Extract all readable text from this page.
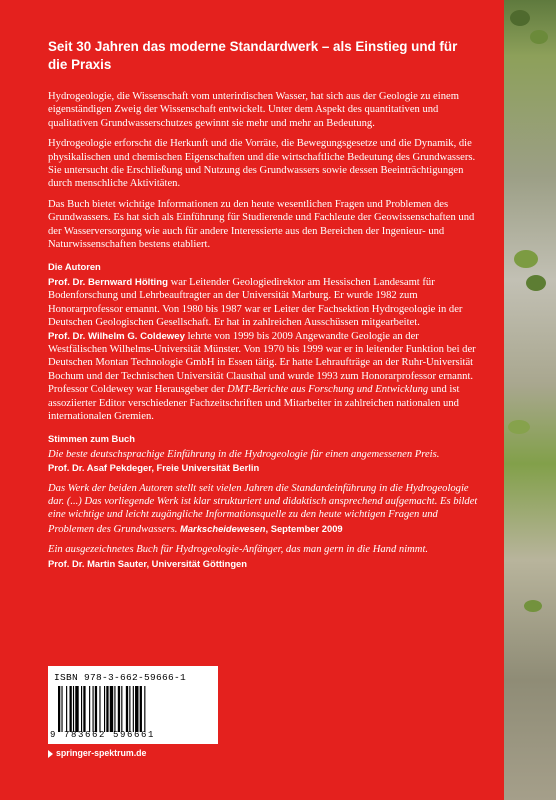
Seit 30 Jahren das moderne Standardwerk – als Einstieg und für die Praxis

Hydrogeologie, die Wissenschaft vom unterirdischen Wasser, hat sich aus der Geologie zu einem eigenständigen Zweig der Wissenschaft entwickelt. Unter dem Aspekt des quantitativen und qualitativen Grundwasserschutzes gewinnt sie mehr und mehr an Bedeutung.

Hydrogeologie erforscht die Herkunft und die Vorräte, die Bewegungsgesetze und die Dynamik, die physikalischen und chemischen Eigenschaften und die wirtschaftliche Bedeutung des Grundwassers. Sie untersucht die Erschließung und Nutzung des Grundwassers sowie dessen Beeinträchtigungen durch menschliche Aktivitäten.

Das Buch bietet wichtige Informationen zu den heute wesentlichen Fragen und Problemen des Grundwassers. Es hat sich als Einführung für Studierende und Fachleute der Geowissenschaften und der Wasserversorgung wie auch für andere Interessierte aus den Bereichen der Ingenieur- und Naturwissenschaften bestens etabliert.

Die Autoren
Prof. Dr. Bernward Hölting war Leitender Geologiedirektor am Hessischen Landesamt für Bodenforschung und Lehrbeauftragter an der Universität Marburg. Er wurde 1982 zum Honorarprofessor ernannt. Von 1980 bis 1987 war er Leiter der Fachsektion Hydrogeologie in der Deutschen Geologischen Gesellschaft. Er hat in zahlreichen Ausschüssen mitgearbeitet.
Prof. Dr. Wilhelm G. Coldewey lehrte von 1999 bis 2009 Angewandte Geologie an der Westfälischen Wilhelms-Universität Münster. Von 1970 bis 1999 war er in leitender Funktion bei der Deutschen Montan Technologie GmbH in Essen tätig. Er hatte Lehraufträge an der Ruhr-Universität Bochum und der Technischen Universität Clausthal und wurde 1993 zum Honorarprofessor ernannt. Professor Coldewey war Herausgeber der DMT-Berichte aus Forschung und Entwicklung und ist assoziierter Editor verschiedener Fachzeitschriften und Mitarbeiter in zahlreichen nationalen und internationalen Gremien.
Stimmen zum Buch
Die beste deutschsprachige Einführung in die Hydrogeologie für einen angemessenen Preis.
Prof. Dr. Asaf Pekdeger, Freie Universität Berlin
Das Werk der beiden Autoren stellt seit vielen Jahren die Standardeinführung in die Hydrogeologie dar. (...) Das vorliegende Werk ist klar strukturiert und didaktisch ansprechend aufgemacht. Es bildet eine wichtige und leicht zugängliche Informationsquelle zu den heute wichtigen Fragen und Problemen des Grundwassers. Markscheidewesen, September 2009
Ein ausgezeichnetes Buch für Hydrogeologie-Anfänger, das man gern in die Hand nimmt.
Prof. Dr. Martin Sauter, Universität Göttingen
ISBN 978-3-662-59666-1
9 783662 596661
springer-spektrum.de
